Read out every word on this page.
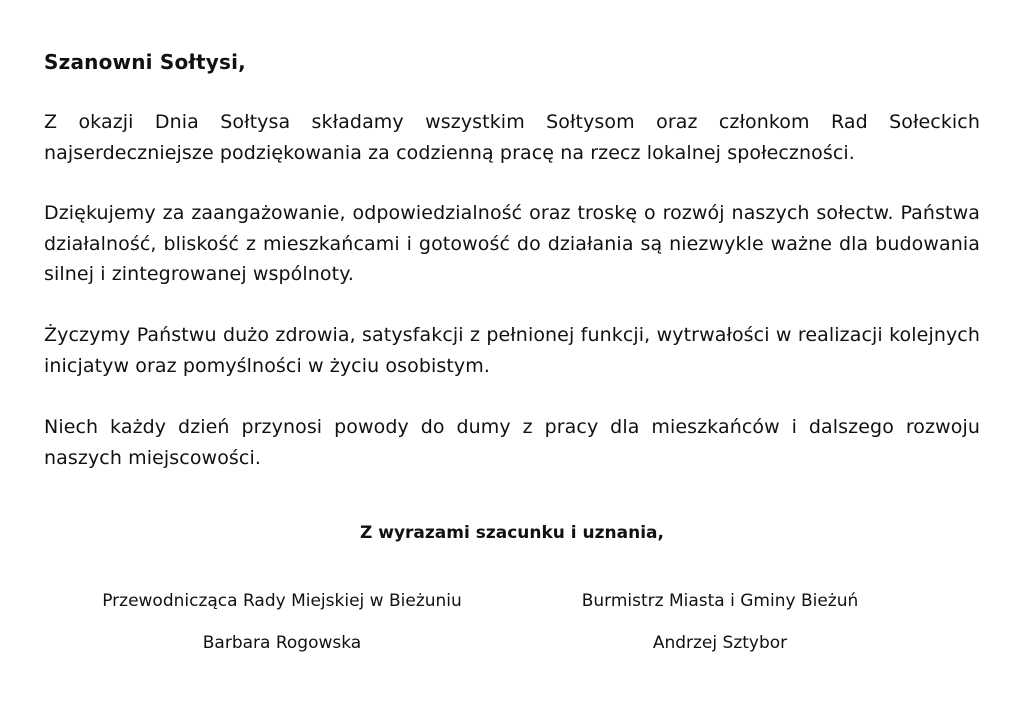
Szanowni Sołtysi,
Z okazji Dnia Sołtysa składamy wszystkim Sołtysom oraz członkom Rad Sołeckich najserdeczniejsze podziękowania za codzienną pracę na rzecz lokalnej społeczności.
Dziękujemy za zaangażowanie, odpowiedzialność oraz troskę o rozwój naszych sołectw. Państwa działalność, bliskość z mieszkańcami i gotowość do działania są niezwykle ważne dla budowania silnej i zintegrowanej wspólnoty.
Życzymy Państwu dużo zdrowia, satysfakcji z pełnionej funkcji, wytrwałości w realizacji kolejnych inicjatyw oraz pomyślności w życiu osobistym.
Niech każdy dzień przynosi powody do dumy z pracy dla mieszkańców i dalszego rozwoju naszych miejscowości.
Z wyrazami szacunku i uznania,
Przewodnicząca Rady Miejskiej w Bieżuniu
Barbara Rogowska
Burmistrz Miasta i Gminy Bieżuń
Andrzej Sztybor
